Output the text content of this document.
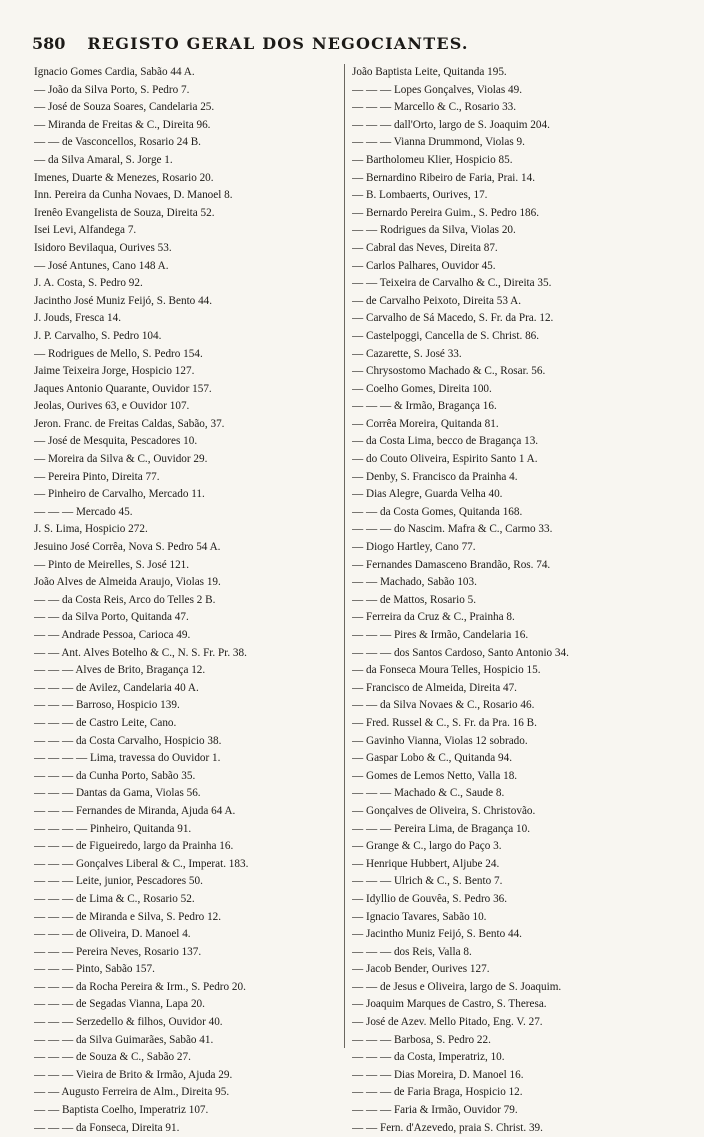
580 REGISTO GERAL DOS NEGOCIANTES.
Ignacio Gomes Cardia, Sabão 44 A.
— João da Silva Porto, S. Pedro 7.
— José de Souza Soares, Candelaria 25.
— Miranda de Freitas & C., Direita 96.
— — de Vasconcellos, Rosario 24 B.
— da Silva Amaral, S. Jorge 1.
Imenes, Duarte & Menezes, Rosario 20.
Inn. Pereira da Cunha Novaes, D. Manoel 8.
Irenêo Evangelista de Souza, Direita 52.
Isei Levi, Alfandega 7.
Isidoro Bevilaqua, Ourives 53.
— José Antunes, Cano 148 A.
J. A. Costa, S. Pedro 92.
Jacintho José Muniz Feijó, S. Bento 44.
J. Jouds, Fresca 14.
J. P. Carvalho, S. Pedro 104.
— Rodrigues de Mello, S. Pedro 154.
Jaime Teixeira Jorge, Hospicio 127.
Jaques Antonio Quarante, Ouvidor 157.
Jeolas, Ourives 63, e Ouvidor 107.
Jeron. Franc. de Freitas Caldas, Sabão, 37.
— José de Mesquita, Pescadores 10.
— Moreira da Silva & C., Ouvidor 29.
— Pereira Pinto, Direita 77.
— Pinheiro de Carvalho, Mercado 11.
— — — Mercado 45.
J. S. Lima, Hospicio 272.
Jesuino José Corrêa, Nova S. Pedro 54 A.
— Pinto de Meirelles, S. José 121.
João Alves de Almeida Araujo, Violas 19.
— — da Costa Reis, Arco do Telles 2 B.
— — da Silva Porto, Quitanda 47.
— — Andrade Pessoa, Carioca 49.
— — Ant. Alves Botelho & C., N. S. Fr. Pr. 38.
— — — Alves de Brito, Bragança 12.
— — — de Avilez, Candelaria 40 A.
— — — Barroso, Hospicio 139.
— — — de Castro Leite, Cano.
— — — da Costa Carvalho, Hospicio 38.
— — — — Lima, travessa do Ouvidor 1.
— — — da Cunha Porto, Sabão 35.
— — — Dantas da Gama, Violas 56.
— — — Fernandes de Miranda, Ajuda 64 A.
— — — — Pinheiro, Quitanda 91.
— — — de Figueiredo, largo da Prainha 16.
— — — Gonçalves Liberal & C., Imperat. 183.
— — — Leite, junior, Pescadores 50.
— — — de Lima & C., Rosario 52.
— — — de Miranda e Silva, S. Pedro 12.
— — — de Oliveira, D. Manoel 4.
— — — Pereira Neves, Rosario 137.
— — — Pinto, Sabão 157.
— — — da Rocha Pereira & Irm., S. Pedro 20.
— — — de Segadas Vianna, Lapa 20.
— — — Serzedello & filhos, Ouvidor 40.
— — — da Silva Guimarães, Sabão 41.
— — — de Souza & C., Sabão 27.
— — — Vieira de Brito & Irmão, Ajuda 29.
— — Augusto Ferreira de Alm., Direita 95.
— — Baptista Coelho, Imperatriz 107.
— — — da Fonseca, Direita 91.
João Baptista Leite, Quitanda 195.
— — — Lopes Gonçalves, Violas 49.
— — — Marcello & C., Rosario 33.
— — — dall'Orto, largo de S. Joaquim 204.
— — — Vianna Drummond, Violas 9.
— Bartholomeu Klier, Hospicio 85.
— Bernardino Ribeiro de Faria, Prai. 14.
— B. Lombaerts, Ourives, 17.
— Bernardo Pereira Guim., S. Pedro 186.
— — Rodrigues da Silva, Violas 20.
— Cabral das Neves, Direita 87.
— Carlos Palhares, Ouvidor 45.
— — Teixeira de Carvalho & C., Direita 35.
— de Carvalho Peixoto, Direita 53 A.
— Carvalho de Sá Macedo, S. Fr. da Pra. 12.
— Castelpoggi, Cancella de S. Christ. 86.
— Cazarette, S. José 33.
— Chrysostomo Machado & C., Rosar. 56.
— Coelho Gomes, Direita 100.
— — — & Irmão, Bragança 16.
— Corrêa Moreira, Quitanda 81.
— da Costa Lima, becco de Bragança 13.
— do Couto Oliveira, Espirito Santo 1 A.
— Denby, S. Francisco da Prainha 4.
— Dias Alegre, Guarda Velha 40.
— — da Costa Gomes, Quitanda 168.
— — — do Nascim. Mafra & C., Carmo 33.
— Diogo Hartley, Cano 77.
— Fernandes Damasceno Brandão, Ros. 74.
— — Machado, Sabão 103.
— — de Mattos, Rosario 5.
— Ferreira da Cruz & C., Prainha 8.
— — — Pires & Irmão, Candelaria 16.
— — — dos Santos Cardoso, Santo Antonio 34.
— da Fonseca Moura Telles, Hospicio 15.
— Francisco de Almeida, Direita 47.
— — da Silva Novaes & C., Rosario 46.
— Fred. Russel & C., S. Fr. da Pra. 16 B.
— Gavinho Vianna, Violas 12 sobrado.
— Gaspar Lobo & C., Quitanda 94.
— Gomes de Lemos Netto, Valla 18.
— — — Machado & C., Saude 8.
— Gonçalves de Oliveira, S. Christovão.
— — — Pereira Lima, de Bragança 10.
— Grange & C., largo do Paço 3.
— Henrique Hubbert, Aljube 24.
— — — Ulrich & C., S. Bento 7.
— Idyllio de Gouvêa, S. Pedro 36.
— Ignacio Tavares, Sabão 10.
— Jacintho Muniz Feijó, S. Bento 44.
— — — dos Reis, Valla 8.
— Jacob Bender, Ourives 127.
— — de Jesus e Oliveira, largo de S. Joaquim.
— Joaquim Marques de Castro, S. Theresa.
— José de Azev. Mello Pitado, Eng. V. 27.
— — — Barbosa, S. Pedro 22.
— — — da Costa, Imperatriz, 10.
— — — Dias Moreira, D. Manoel 16.
— — — de Faria Braga, Hospicio 12.
— — — Faria & Irmão, Ouvidor 79.
— — Fern. d'Azevedo, praia S. Christ. 39.
